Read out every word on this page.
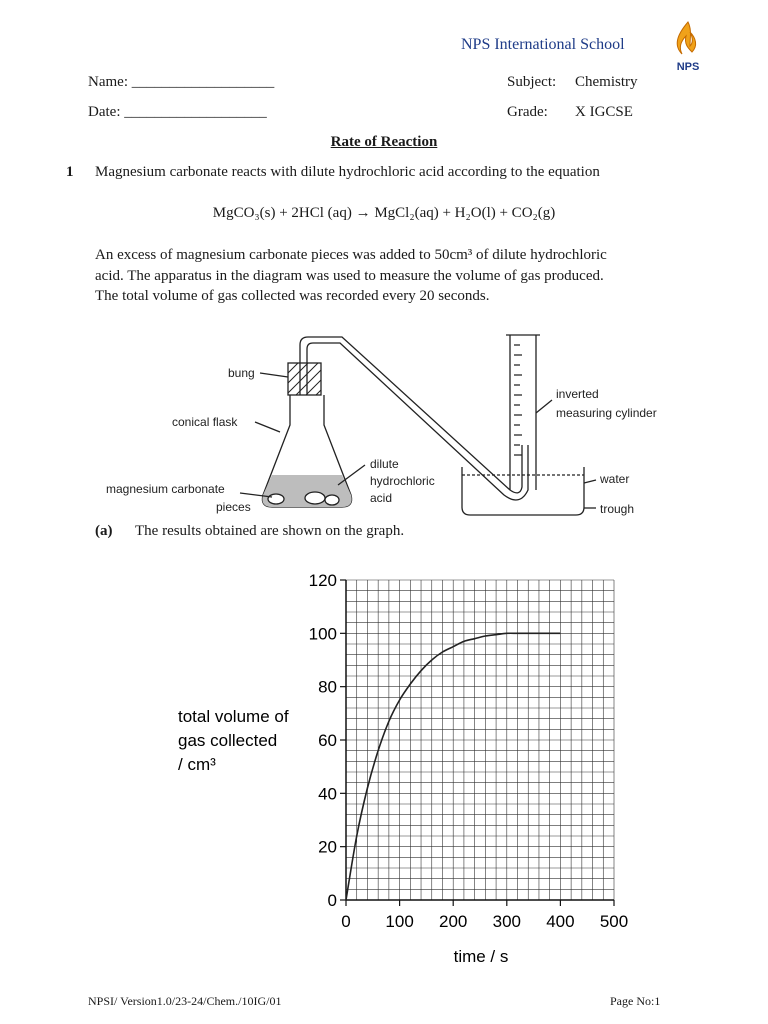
NPS International School
NPS
Name: ___________________
Date: ___________________
Subject: Chemistry
Grade: X IGCSE
Rate of Reaction
1 Magnesium carbonate reacts with dilute hydrochloric acid according to the equation
MgCO₃(s) + 2HCl (aq) → MgCl₂(aq) + H₂O(l) + CO₂(g)

An excess of magnesium carbonate pieces was added to 50cm³ of dilute hydrochloric

acid. The apparatus in the diagram was used to measure the volume of gas produced.

The total volume of gas collected was recorded every 20 seconds.

bung
conical flask
magnesium carbonate
pieces
dilute
hydrochloric
acid
inverted
measuring cylinder
water
trough
(a) The results obtained are shown on the graph.
0 100 200 300 400 500
0
20
40
60
80
100
120
total volume of
gas collected
/ cm³
time / s
NPSI/ Version1.0/23-24/Chem./10IG/01	Page No:1
